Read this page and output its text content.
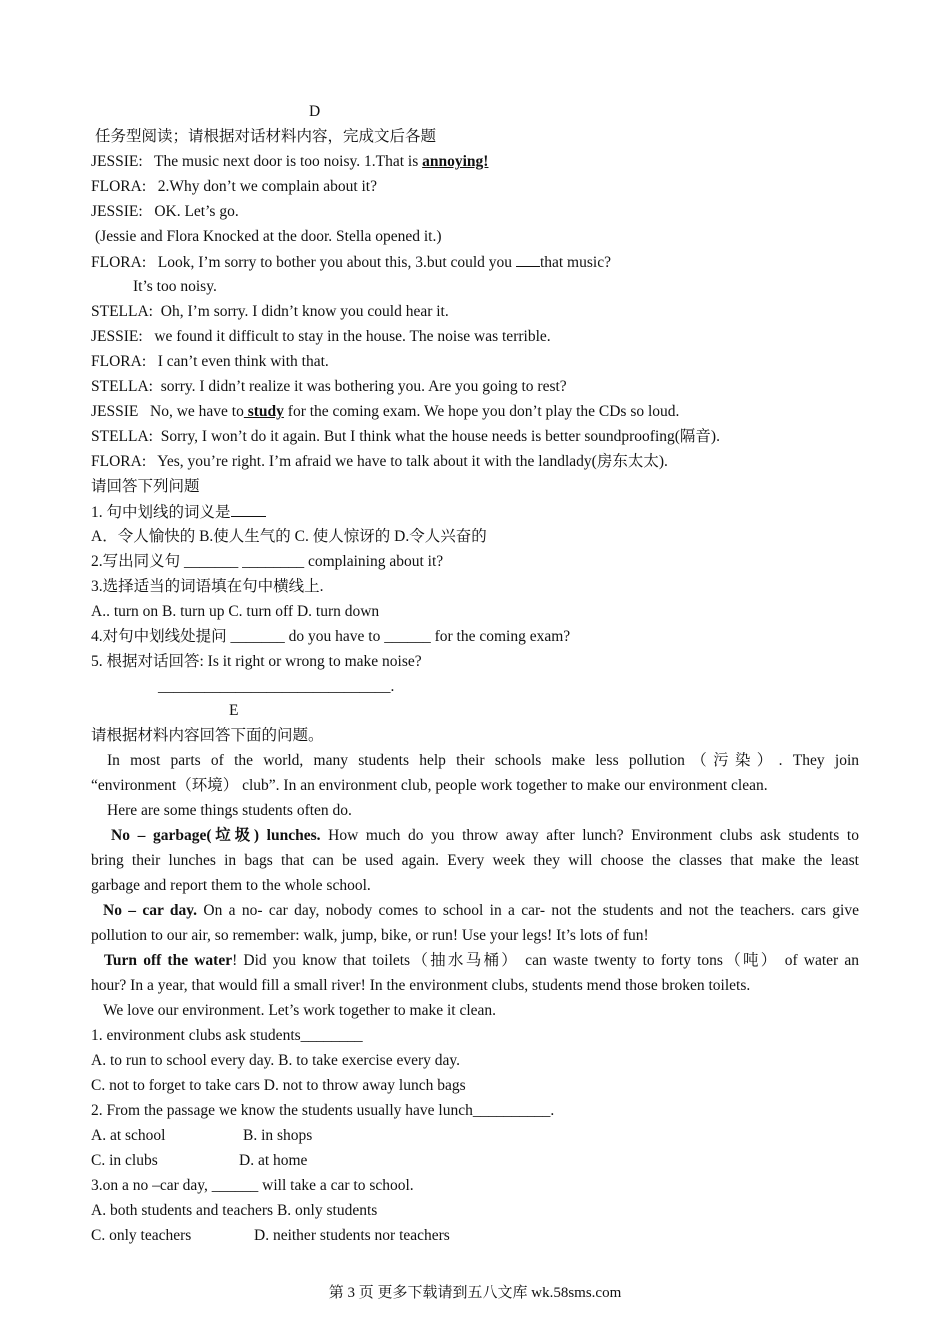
D
任务型阅读；请根据对话材料内容，完成文后各题
JESSIE: The music next door is too noisy. 1.That is annoying!
FLORA: 2.Why don’t we complain about it?
JESSIE: OK. Let’s go.
(Jessie and Flora Knocked at the door. Stella opened it.)
FLORA: Look, I’m sorry to bother you about this, 3.but could you that music?
It’s too noisy.
STELLA: Oh, I’m sorry. I didn’t know you could hear it.
JESSIE: we found it difficult to stay in the house. The noise was terrible.
FLORA: I can’t even think with that.
STELLA: sorry. I didn’t realize it was bothering you. Are you going to rest?
JESSIE No, we have to study for the coming exam. We hope you don’t play the CDs so loud.
STELLA: Sorry, I won’t do it again. But I think what the house needs is better soundproofing(隔音).
FLORA: Yes, you’re right. I’m afraid we have to talk about it with the landlady(房东太太).
请回答下列问题
1. 句中划线的词义是
A．令人愉快的 B.使人生气的 C. 使人惊讶的 D.令人兴奋的
2.写出同义句 _______ ________ complaining about it?
3.选择适当的词语填在句中横线上.
A.. turn on B. turn up C. turn off D. turn down
4.对句中划线处提问 _______ do you have to ______ for the coming exam?
5. 根据对话回答: Is it right or wrong to make noise?
______________________________.
E
请根据材料内容回答下面的问题。
In most parts of the world, many students help their schools make less pollution（污染）. They join
“environment（环境） club”. In an environment club, people work together to make our environment clean.
Here are some things students often do.
No – garbage(垃圾) lunches. How much do you throw away after lunch? Environment clubs ask students to
bring their lunches in bags that can be used again. Every week they will choose the classes that make the least
garbage and report them to the whole school.
No – car day. On a no- car day, nobody comes to school in a car- not the students and not the teachers. cars give
pollution to our air, so remember: walk, jump, bike, or run! Use your legs! It’s lots of fun!
Turn off the water! Did you know that toilets（抽水马桶） can waste twenty to forty tons（吨） of water an
hour? In a year, that would fill a small river! In the environment clubs, students mend those broken toilets.
We love our environment. Let’s work together to make it clean.
1. environment clubs ask students________
A. to run to school every day. B. to take exercise every day.
C. not to forget to take cars D. not to throw away lunch bags
2. From the passage we know the students usually have lunch__________.
A. at school	B. in shops
C. in clubs	D. at home
3.on a no –car day, ______ will take a car to school.
A. both students and teachers B. only students
C. only teachers	D. neither students nor teachers
第 3 页 更多下载请到五八文库 wk.58sms.com
